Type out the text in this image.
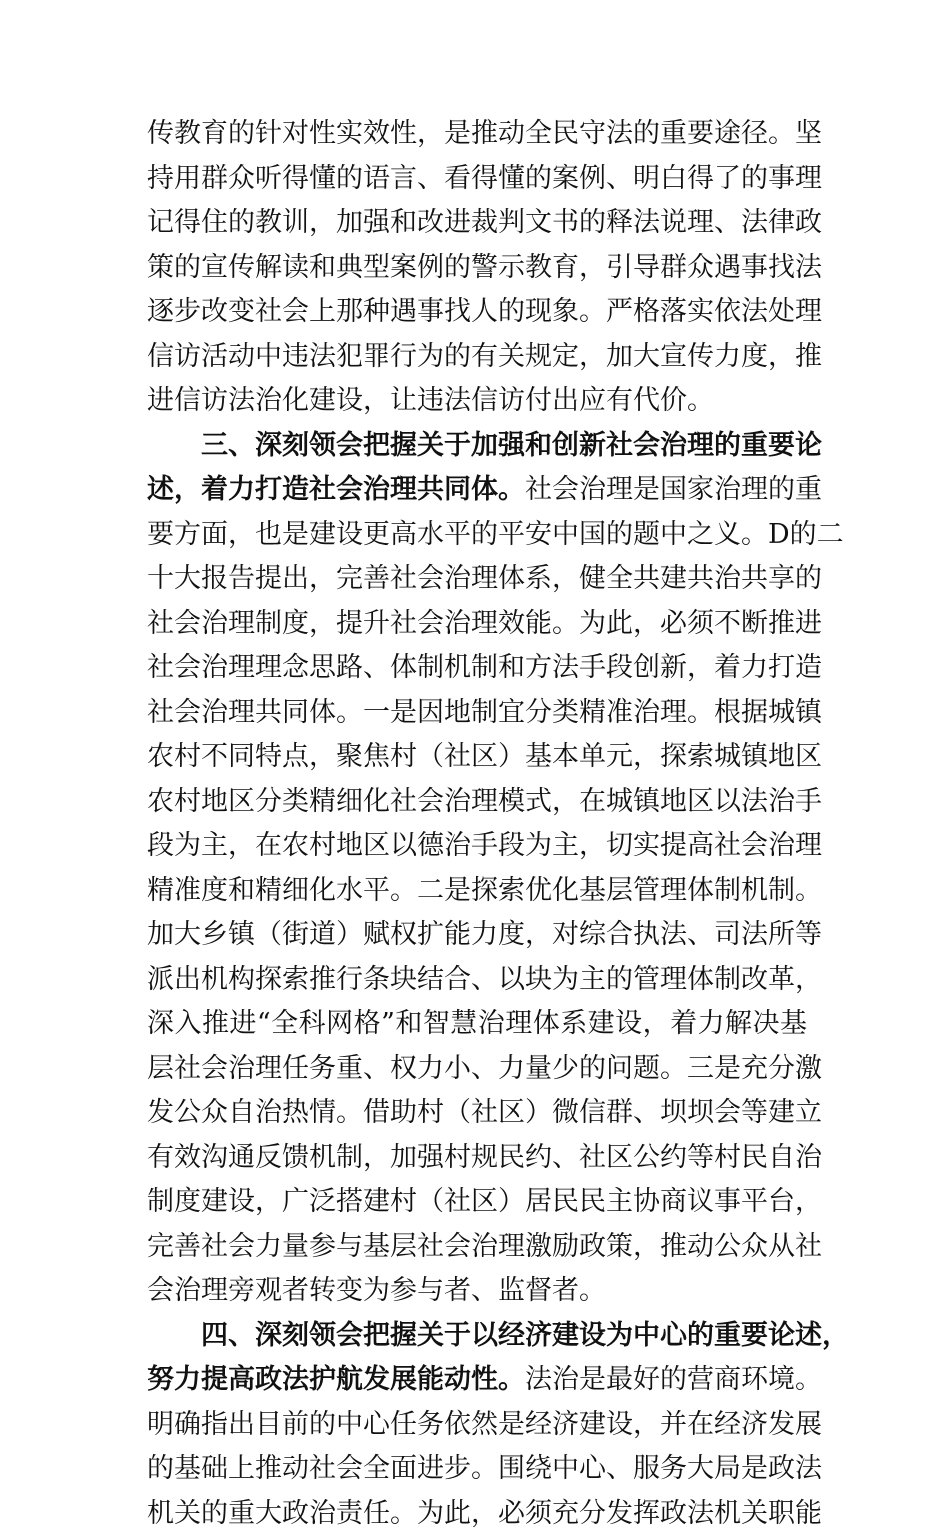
传教育的针对性实效性，是推动全民守法的重要途径。坚
持用群众听得懂的语言、看得懂的案例、明白得了的事理
记得住的教训，加强和改进裁判文书的释法说理、法律政
策的宣传解读和典型案例的警示教育，引导群众遇事找法
逐步改变社会上那种遇事找人的现象。严格落实依法处理
信访活动中违法犯罪行为的有关规定，加大宣传力度，推
进信访法治化建设，让违法信访付出应有代价。
三、深刻领会把握关于加强和创新社会治理的重要论
述，着力打造社会治理共同体。社会治理是国家治理的重
要方面，也是建设更高水平的平安中国的题中之义。D的二
十大报告提出，完善社会治理体系，健全共建共治共享的
社会治理制度，提升社会治理效能。为此，必须不断推进
社会治理理念思路、体制机制和方法手段创新，着力打造
社会治理共同体。一是因地制宜分类精准治理。根据城镇
农村不同特点，聚焦村（社区）基本单元，探索城镇地区
农村地区分类精细化社会治理模式，在城镇地区以法治手
段为主，在农村地区以德治手段为主，切实提高社会治理
精准度和精细化水平。二是探索优化基层管理体制机制。
加大乡镇（街道）赋权扩能力度，对综合执法、司法所等
派出机构探索推行条块结合、以块为主的管理体制改革，
深入推进“全科网格”和智慧治理体系建设，着力解决基
层社会治理任务重、权力小、力量少的问题。三是充分激
发公众自治热情。借助村（社区）微信群、坝坝会等建立
有效沟通反馈机制，加强村规民约、社区公约等村民自治
制度建设，广泛搭建村（社区）居民民主协商议事平台，
完善社会力量参与基层社会治理激励政策，推动公众从社
会治理旁观者转变为参与者、监督者。
四、深刻领会把握关于以经济建设为中心的重要论述，
努力提高政法护航发展能动性。法治是最好的营商环境。
明确指出目前的中心任务依然是经济建设，并在经济发展
的基础上推动社会全面进步。围绕中心、服务大局是政法
机关的重大政治责任。为此，必须充分发挥政法机关职能
